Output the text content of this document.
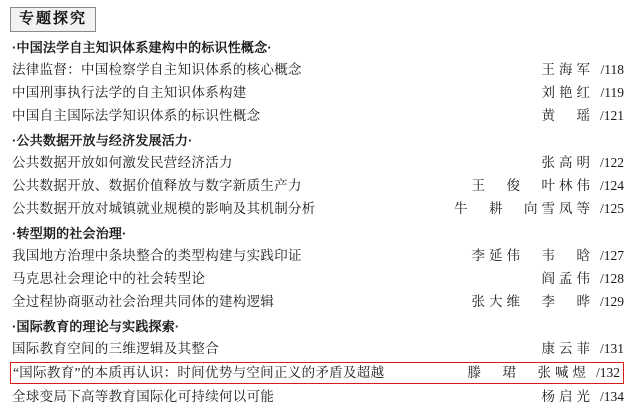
专题探究
·中国法学自主知识体系建构中的标识性概念·
法律监督：中国检察学自主知识体系的核心概念	王海军 /118
中国刑事执行法学的自主知识体系构建	刘艳红 /119
中国自主国际法学知识体系的标识性概念	黄　瑶 /121
·公共数据开放与经济发展活力·
公共数据开放如何激发民营经济活力	张高明 /122
公共数据开放、数据价值释放与数字新质生产力	王　俊　叶林伟 /124
公共数据开放对城镇就业规模的影响及其机制分析	牛　耕　向雪凤等 /125
·转型期的社会治理·
我国地方治理中条块整合的类型构建与实践印证	李延伟　韦　晗 /127
马克思社会理论中的社会转型论	阎孟伟 /128
全过程协商驱动社会治理共同体的建构逻辑	张大维　李　晔 /129
·国际教育的理论与实践探索·
国际教育空间的三维逻辑及其整合	康云菲 /131
“国际教育”的本质再认识：时间优势与空间正义的矛盾及超越	滕　珺　张喊煜 /132
全球变局下高等教育国际化可持续何以可能	杨启光 /134
